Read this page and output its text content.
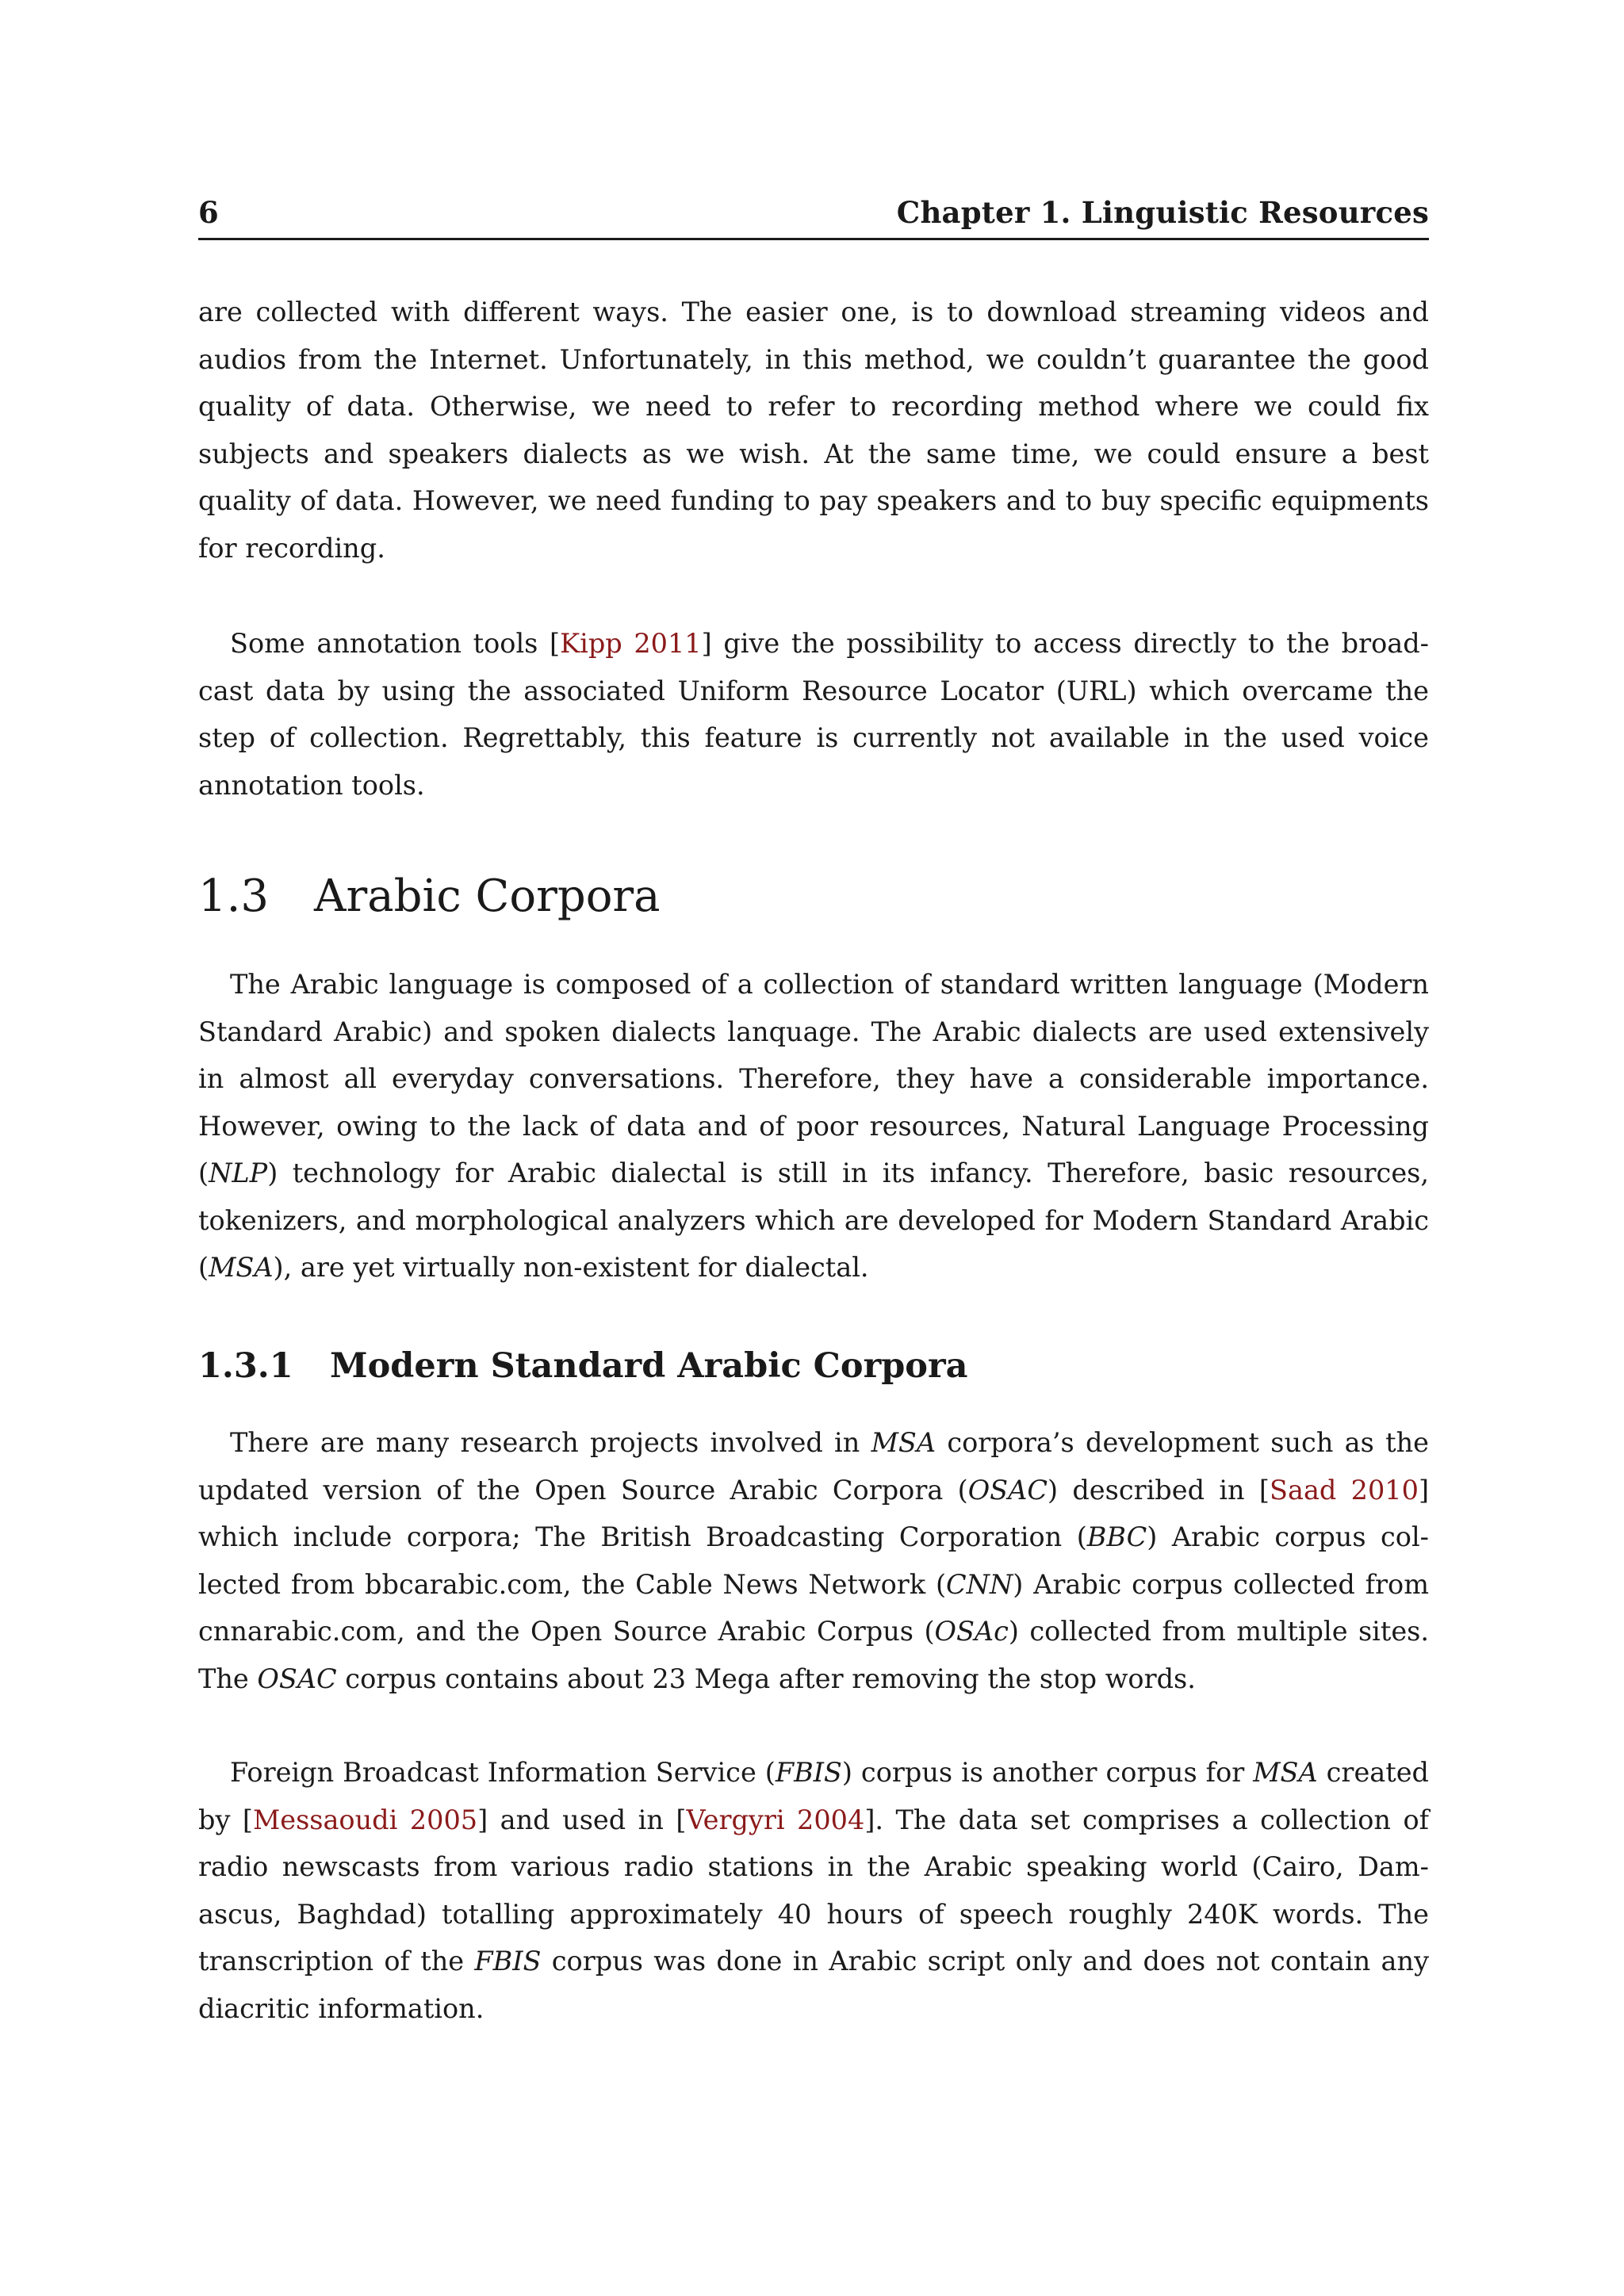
6	Chapter 1. Linguistic Resources

are collected with different ways. The easier one, is to download streaming videos and audios from the Internet. Unfortunately, in this method, we couldn’t guarantee the good quality of data. Otherwise, we need to refer to recording method where we could fix subjects and speakers dialects as we wish. At the same time, we could ensure a best quality of data. However, we need funding to pay speakers and to buy specific equipments for recording.

Some annotation tools [Kipp 2011] give the possibility to access directly to the broadcast data by using the associated Uniform Resource Locator (URL) which overcame the step of collection. Regrettably, this feature is currently not available in the used voice annotation tools.

1.3 Arabic Corpora

The Arabic language is composed of a collection of standard written language (Modern Standard Arabic) and spoken dialects lanquage. The Arabic dialects are used extensively in almost all everyday conversations. Therefore, they have a considerable importance. However, owing to the lack of data and of poor resources, Natural Language Processing (NLP) technology for Arabic dialectal is still in its infancy. Therefore, basic resources, tokenizers, and morphological analyzers which are developed for Modern Standard Arabic (MSA), are yet virtually non-existent for dialectal.

1.3.1 Modern Standard Arabic Corpora

There are many research projects involved in MSA corpora’s development such as the updated version of the Open Source Arabic Corpora (OSAC) described in [Saad 2010] which include corpora; The British Broadcasting Corporation (BBC) Arabic corpus collected from bbcarabic.com, the Cable News Network (CNN) Arabic corpus collected from cnnarabic.com, and the Open Source Arabic Corpus (OSAc) collected from multiple sites. The OSAC corpus contains about 23 Mega after removing the stop words.

Foreign Broadcast Information Service (FBIS) corpus is another corpus for MSA created by [Messaoudi 2005] and used in [Vergyri 2004]. The data set comprises a collection of radio newscasts from various radio stations in the Arabic speaking world (Cairo, Damascus, Baghdad) totalling approximately 40 hours of speech roughly 240K words. The transcription of the FBIS corpus was done in Arabic script only and does not contain any diacritic information.
